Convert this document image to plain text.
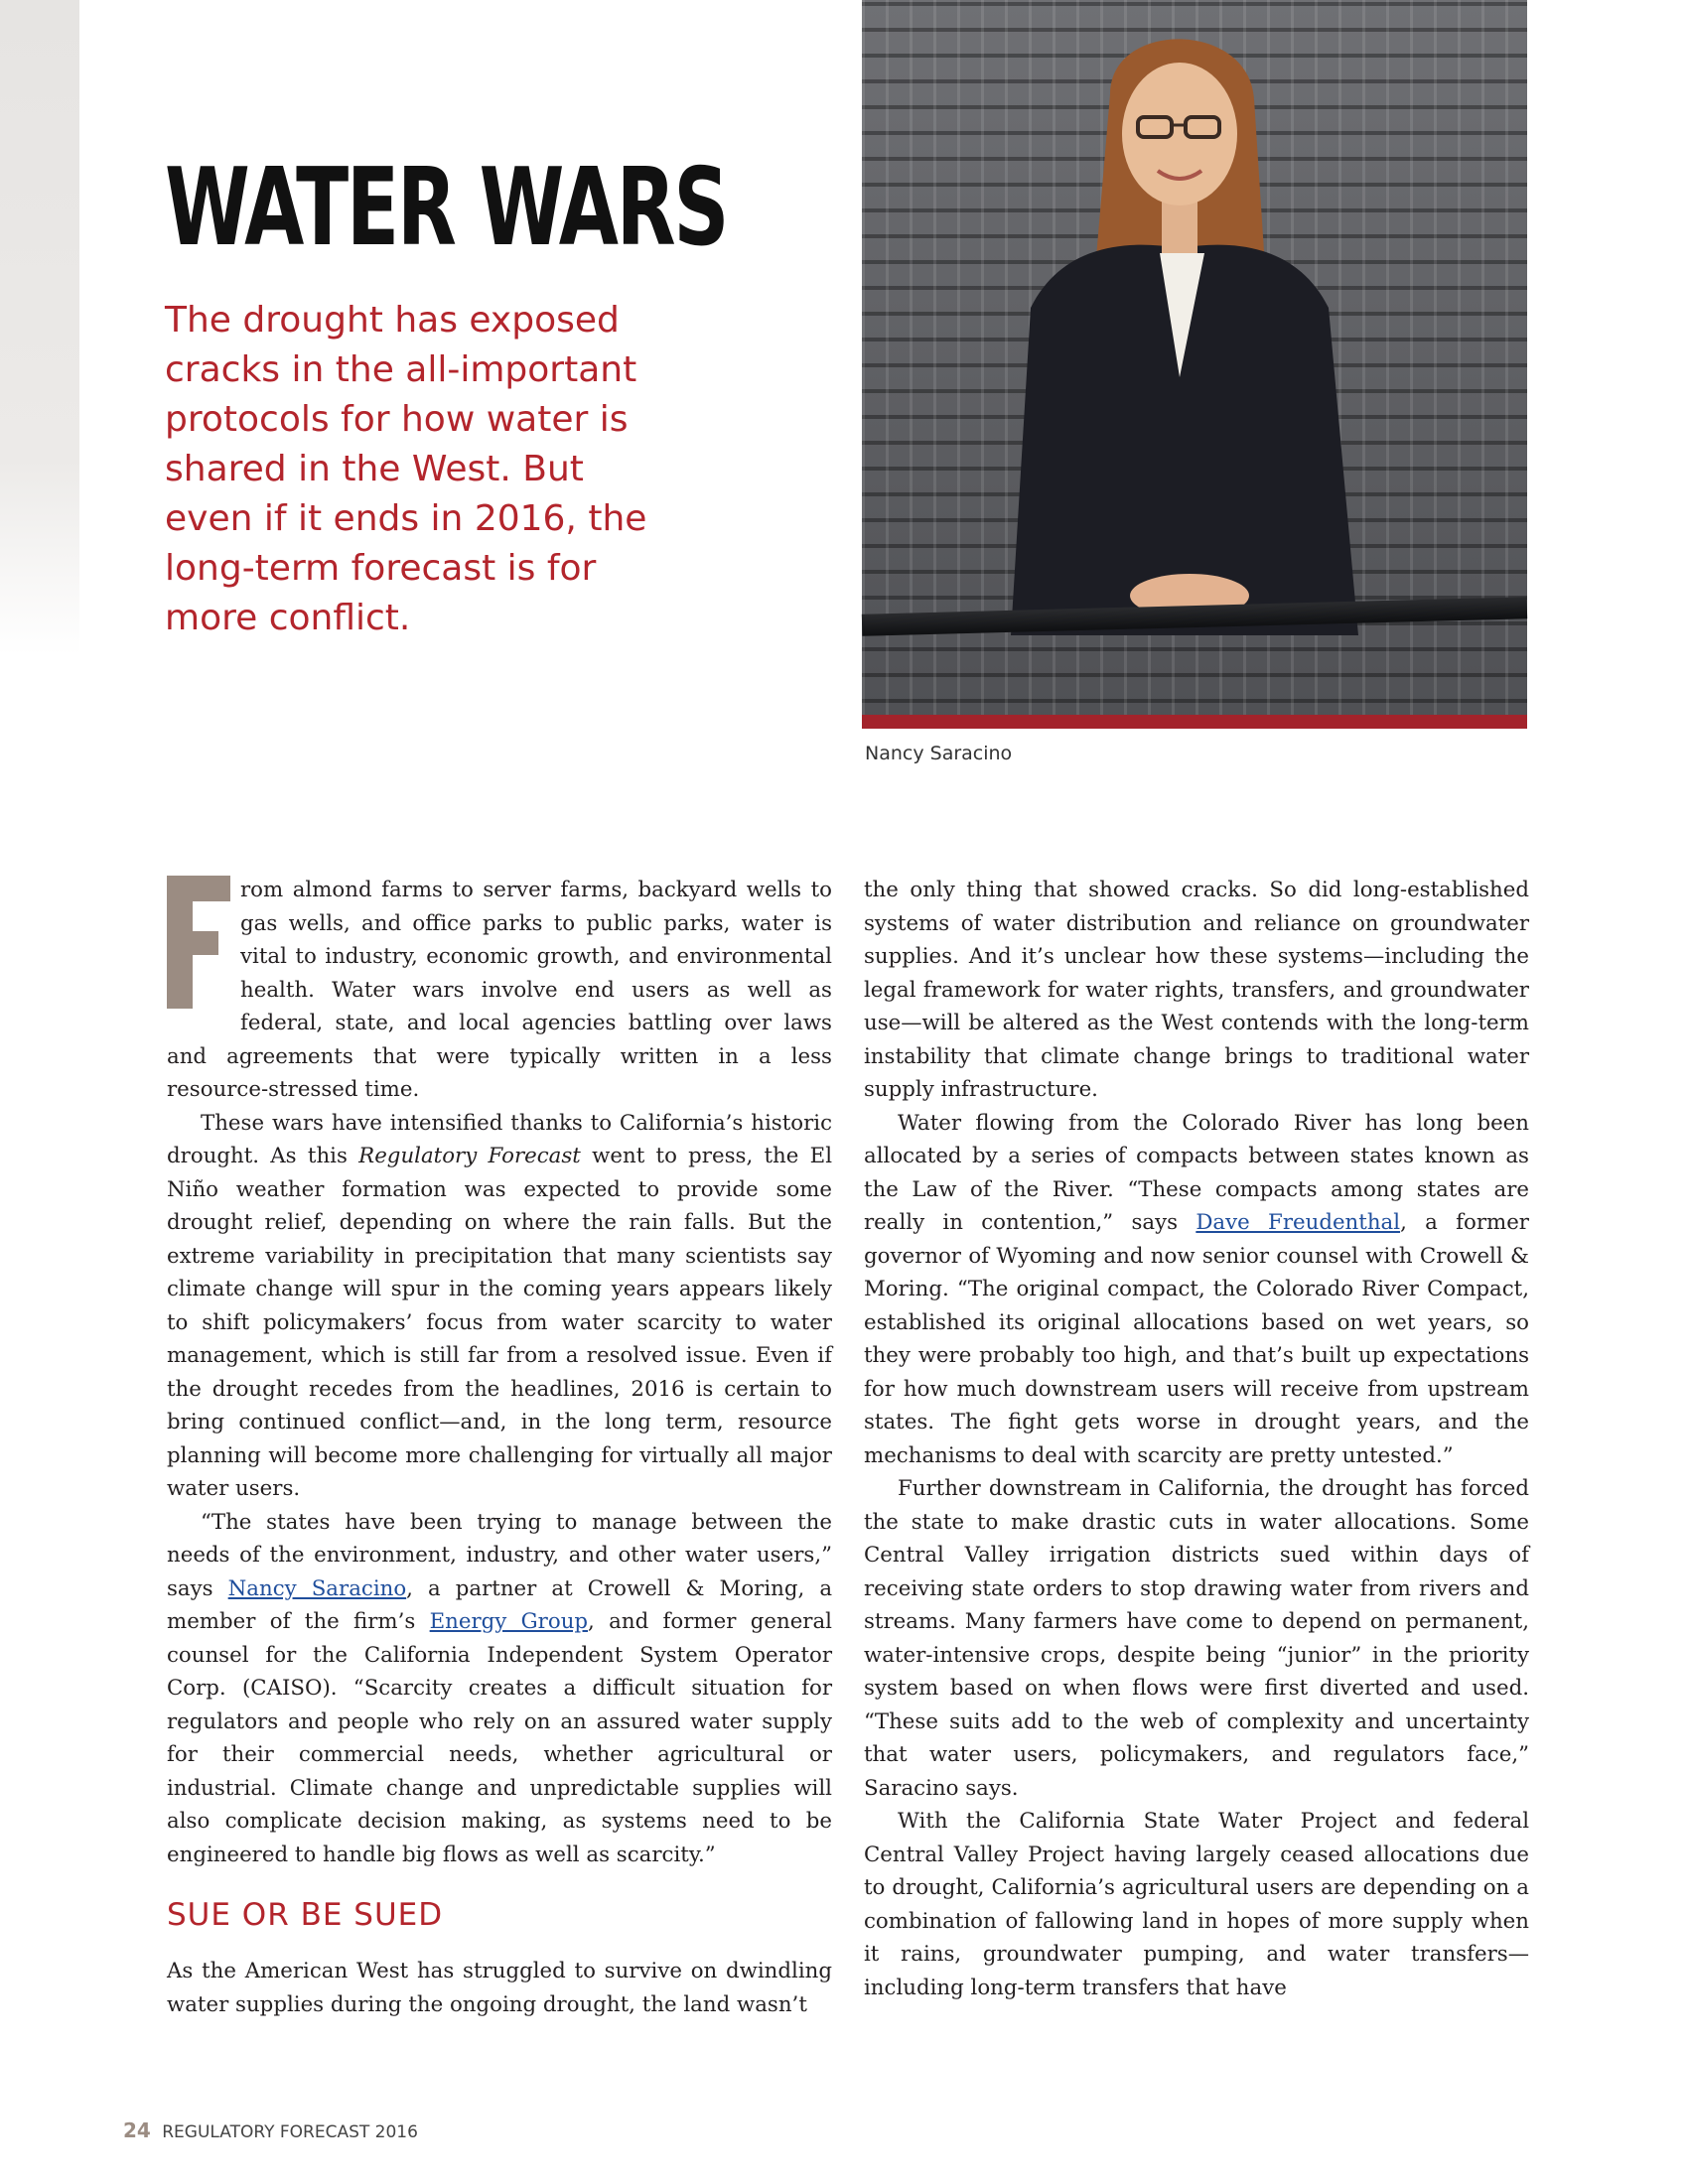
WATER WARS

The drought has exposed cracks in the all-important protocols for how water is shared in the West. But even if it ends in 2016, the long-term forecast is for more conflict.

Nancy Saracino

rom almond farms to server farms, backyard wells to gas wells, and office parks to public parks, water is vital to industry, economic growth, and environmental health. Water wars involve end users as well as federal, state, and local agencies battling over laws and agreements that were typically written in a less resource-stressed time.

These wars have intensified thanks to California’s historic drought. As this Regulatory Forecast went to press, the El Niño weather formation was expected to provide some drought relief, depending on where the rain falls. But the extreme variability in precipitation that many scientists say climate change will spur in the coming years appears likely to shift policymakers’ focus from water scarcity to water management, which is still far from a resolved issue. Even if the drought recedes from the headlines, 2016 is certain to bring continued conflict—and, in the long term, resource planning will become more challenging for virtually all major water users.

“The states have been trying to manage between the needs of the environment, industry, and other water users,” says Nancy Saracino, a partner at Crowell & Moring, a member of the firm’s Energy Group, and former general counsel for the California Independent System Operator Corp. (CAISO). “Scarcity creates a difficult situation for regulators and people who rely on an assured water supply for their commercial needs, whether agricultural or industrial. Climate change and unpredictable supplies will also complicate decision making, as systems need to be engineered to handle big flows as well as scarcity.”

SUE OR BE SUED

As the American West has struggled to survive on dwindling water supplies during the ongoing drought, the land wasn’t

the only thing that showed cracks. So did long-established systems of water distribution and reliance on groundwater supplies. And it’s unclear how these systems—including the legal framework for water rights, transfers, and groundwater use—will be altered as the West contends with the long-term instability that climate change brings to traditional water supply infrastructure.

Water flowing from the Colorado River has long been allocated by a series of compacts between states known as the Law of the River. “These compacts among states are really in contention,” says Dave Freudenthal, a former governor of Wyoming and now senior counsel with Crowell & Moring. “The original compact, the Colorado River Compact, established its original allocations based on wet years, so they were probably too high, and that’s built up expectations for how much downstream users will receive from upstream states. The fight gets worse in drought years, and the mechanisms to deal with scarcity are pretty untested.”

Further downstream in California, the drought has forced the state to make drastic cuts in water allocations. Some Central Valley irrigation districts sued within days of receiving state orders to stop drawing water from rivers and streams. Many farmers have come to depend on permanent, water-intensive crops, despite being “junior” in the priority system based on when flows were first diverted and used. “These suits add to the web of complexity and uncertainty that water users, policymakers, and regulators face,” Saracino says.

With the California State Water Project and federal Central Valley Project having largely ceased allocations due to drought, California’s agricultural users are depending on a combination of fallowing land in hopes of more supply when it rains, groundwater pumping, and water transfers—including long-term transfers that have

24 REGULATORY FORECAST 2016
